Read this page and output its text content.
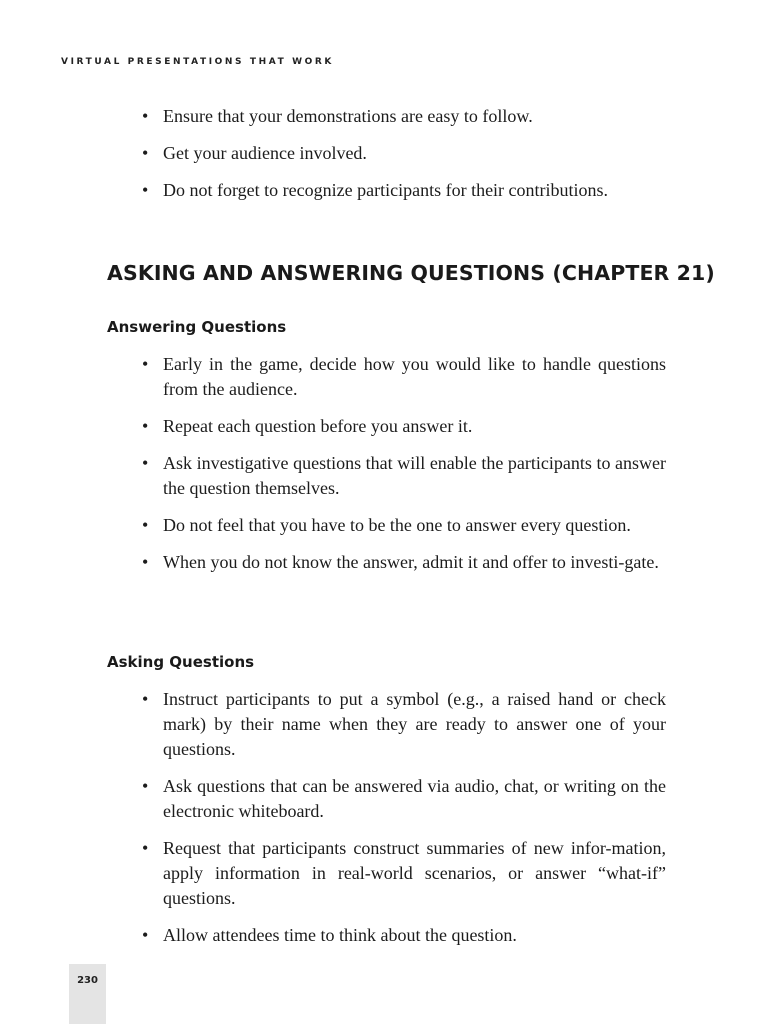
VIRTUAL PRESENTATIONS THAT WORK
• Ensure that your demonstrations are easy to follow.
• Get your audience involved.
• Do not forget to recognize participants for their contributions.
ASKING AND ANSWERING QUESTIONS (CHAPTER 21)
Answering Questions
• Early in the game, decide how you would like to handle questions from the audience.
• Repeat each question before you answer it.
• Ask investigative questions that will enable the participants to answer the question themselves.
• Do not feel that you have to be the one to answer every question.
• When you do not know the answer, admit it and offer to investi-gate.
Asking Questions
• Instruct participants to put a symbol (e.g., a raised hand or check mark) by their name when they are ready to answer one of your questions.
• Ask questions that can be answered via audio, chat, or writing on the electronic whiteboard.
• Request that participants construct summaries of new infor-mation, apply information in real-world scenarios, or answer “what-if” questions.
• Allow attendees time to think about the question.
230
